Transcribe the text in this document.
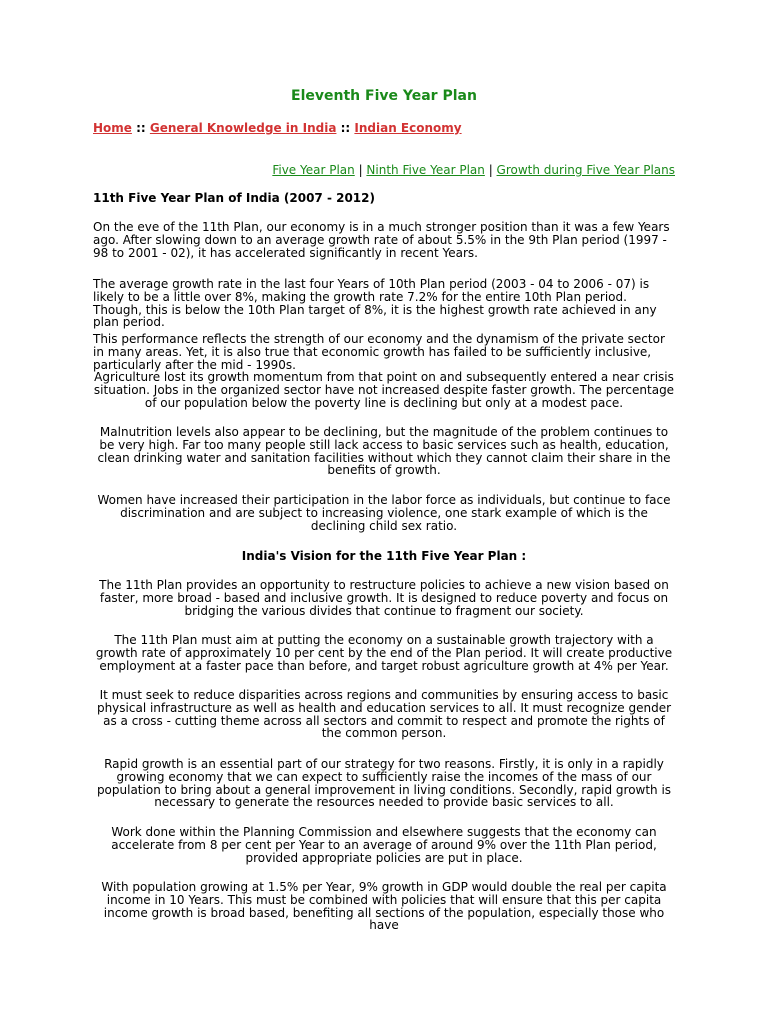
Eleventh Five Year Plan
Home :: General Knowledge in India :: Indian Economy
Five Year Plan | Ninth Five Year Plan | Growth during Five Year Plans
11th Five Year Plan of India (2007 - 2012)

On the eve of the 11th Plan, our economy is in a much stronger position than it was a few Years ago. After slowing down to an average growth rate of about 5.5% in the 9th Plan period (1997 - 98 to 2001 - 02), it has accelerated significantly in recent Years.

The average growth rate in the last four Years of 10th Plan period (2003 - 04 to 2006 - 07) is likely to be a little over 8%, making the growth rate 7.2% for the entire 10th Plan period. Though, this is below the 10th Plan target of 8%, it is the highest growth rate achieved in any plan period.

This performance reflects the strength of our economy and the dynamism of the private sector in many areas. Yet, it is also true that economic growth has failed to be sufficiently inclusive, particularly after the mid - 1990s.

Agriculture lost its growth momentum from that point on and subsequently entered a near crisis situation. Jobs in the organized sector have not increased despite faster growth. The percentage of our population below the poverty line is declining but only at a modest pace.

Malnutrition levels also appear to be declining, but the magnitude of the problem continues to be very high. Far too many people still lack access to basic services such as health, education, clean drinking water and sanitation facilities without which they cannot claim their share in the benefits of growth.

Women have increased their participation in the labor force as individuals, but continue to face discrimination and are subject to increasing violence, one stark example of which is the declining child sex ratio.

India's Vision for the 11th Five Year Plan :

The 11th Plan provides an opportunity to restructure policies to achieve a new vision based on faster, more broad - based and inclusive growth. It is designed to reduce poverty and focus on bridging the various divides that continue to fragment our society.

The 11th Plan must aim at putting the economy on a sustainable growth trajectory with a growth rate of approximately 10 per cent by the end of the Plan period. It will create productive employment at a faster pace than before, and target robust agriculture growth at 4% per Year.

It must seek to reduce disparities across regions and communities by ensuring access to basic physical infrastructure as well as health and education services to all. It must recognize gender as a cross - cutting theme across all sectors and commit to respect and promote the rights of the common person.

Rapid growth is an essential part of our strategy for two reasons. Firstly, it is only in a rapidly growing economy that we can expect to sufficiently raise the incomes of the mass of our population to bring about a general improvement in living conditions. Secondly, rapid growth is necessary to generate the resources needed to provide basic services to all.

Work done within the Planning Commission and elsewhere suggests that the economy can accelerate from 8 per cent per Year to an average of around 9% over the 11th Plan period, provided appropriate policies are put in place.

With population growing at 1.5% per Year, 9% growth in GDP would double the real per capita income in 10 Years. This must be combined with policies that will ensure that this per capita income growth is broad based, benefiting all sections of the population, especially those who have
